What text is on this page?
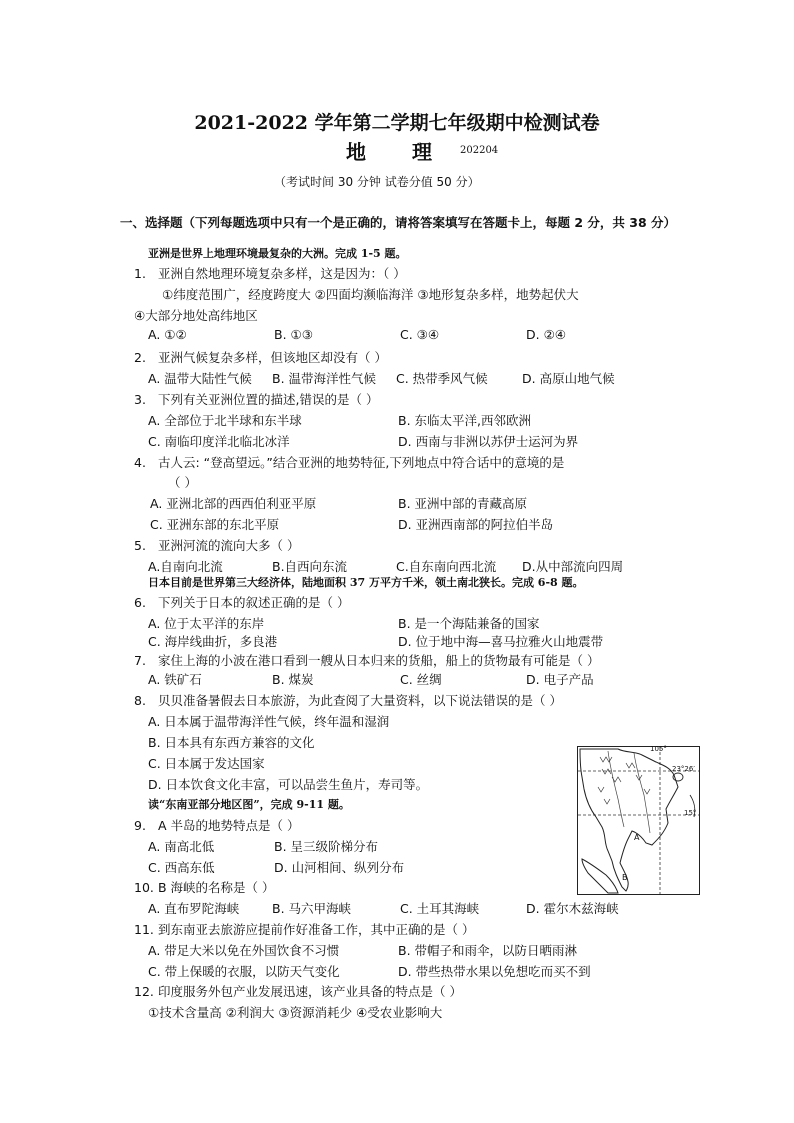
2021-2022 学年第二学期七年级期中检测试卷
地 理	202204
（考试时间 30 分钟 试卷分值 50 分）
一、选择题（下列每题选项中只有一个是正确的，请将答案填写在答题卡上，每题 2 分，共 38 分）
亚洲是世界上地理环境最复杂的大洲。完成 1-5 题。
1. 亚洲自然地理环境复杂多样，这是因为：（ ）
①纬度范围广，经度跨度大 ②四面均濒临海洋 ③地形复杂多样，地势起伏大
④大部分地处高纬地区
A. ①②	B. ①③	C. ③④	D. ②④
2. 亚洲气候复杂多样，但该地区却没有（ ）
A. 温带大陆性气候 B. 温带海洋性气候 C. 热带季风气候	D. 高原山地气候
3. 下列有关亚洲位置的描述,错误的是（ ）
A. 全部位于北半球和东半球	B. 东临太平洋,西邻欧洲
C. 南临印度洋北临北冰洋	D. 西南与非洲以苏伊士运河为界
4. 古人云: “登高望远。”结合亚洲的地势特征,下列地点中符合话中的意境的是
（ ）
A. 亚洲北部的西西伯利亚平原	B. 亚洲中部的青藏高原
C. 亚洲东部的东北平原	D. 亚洲西南部的阿拉伯半岛
5. 亚洲河流的流向大多（ ）
A.自南向北流	B.自西向东流	C.自东南向西北流 D.从中部流向四周
日本目前是世界第三大经济体，陆地面积 37 万平方千米，领土南北狭长。完成 6-8 题。
6. 下列关于日本的叙述正确的是（ ）
A. 位于太平洋的东岸	B. 是一个海陆兼备的国家
C. 海岸线曲折，多良港	D. 位于地中海—喜马拉雅火山地震带
7. 家住上海的小波在港口看到一艘从日本归来的货船，船上的货物最有可能是（ ）
A. 铁矿石	B. 煤炭	C. 丝绸	D. 电子产品
8. 贝贝准备暑假去日本旅游，为此查阅了大量资料，以下说法错误的是（ ）
A. 日本属于温带海洋性气候，终年温和湿润
B. 日本具有东西方兼容的文化
C. 日本属于发达国家
D. 日本饮食文化丰富，可以品尝生鱼片，寿司等。
读“东南亚部分地区图”，完成 9-11 题。
9. A 半岛的地势特点是（ ）
A. 南高北低	B. 呈三级阶梯分布
C. 西高东低	D. 山河相间、纵列分布
10. B 海峡的名称是（ ）
A. 直布罗陀海峡	B. 马六甲海峡	C. 土耳其海峡	D. 霍尔木兹海峡
11. 到东南亚去旅游应提前作好准备工作，其中正确的是（ ）
A. 带足大米以免在外国饮食不习惯	B. 带帽子和雨伞，以防日晒雨淋
C. 带上保暖的衣服，以防天气变化	D. 带些热带水果以免想吃而买不到
12. 印度服务外包产业发展迅速，该产业具备的特点是（ ）
①技术含量高 ②利润大 ③资源消耗少 ④受农业影响大
105°
23°26′
15°
A
B
